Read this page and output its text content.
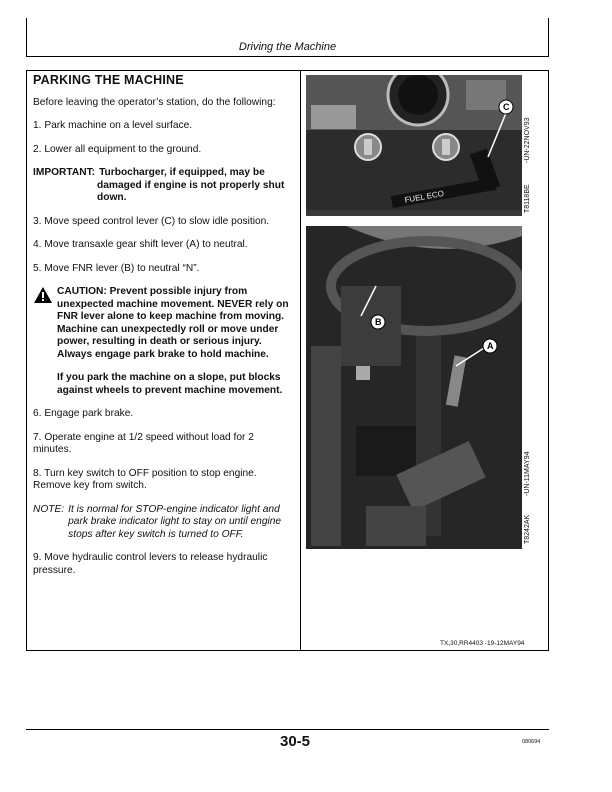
Driving the Machine

PARKING THE MACHINE

Before leaving the operator’s station, do the following:

1. Park machine on a level surface.

2. Lower all equipment to the ground.

IMPORTANT: Turbocharger, if equipped, may be

damaged if engine is not properly shut down.

3. Move speed control lever (C) to slow idle position.

4. Move transaxle gear shift lever (A) to neutral.

5. Move FNR lever (B) to neutral “N”.

CAUTION: Prevent possible injury from unexpected machine movement. NEVER rely on FNR lever alone to keep machine from moving. Machine can unexpectedly roll or move under power, resulting in death or serious injury. Always engage park brake to hold machine.

If you park the machine on a slope, put blocks against wheels to prevent machine movement.

6. Engage park brake.

7. Operate engine at 1/2 speed without load for 2 minutes.

8. Turn key switch to OFF position to stop engine. Remove key from switch.

NOTE: It is normal for STOP-engine indicator light and park brake indicator light to stay on until engine stops after key switch is turned to OFF.

9. Move hydraulic control levers to release hydraulic pressure.

FUEL ECO
C
T8118BE
-UN-22NOV93
B
A
T8242AK
-UN-11MAY94
TX,30,RR4403 -19-12MAY94
30-5	080694
